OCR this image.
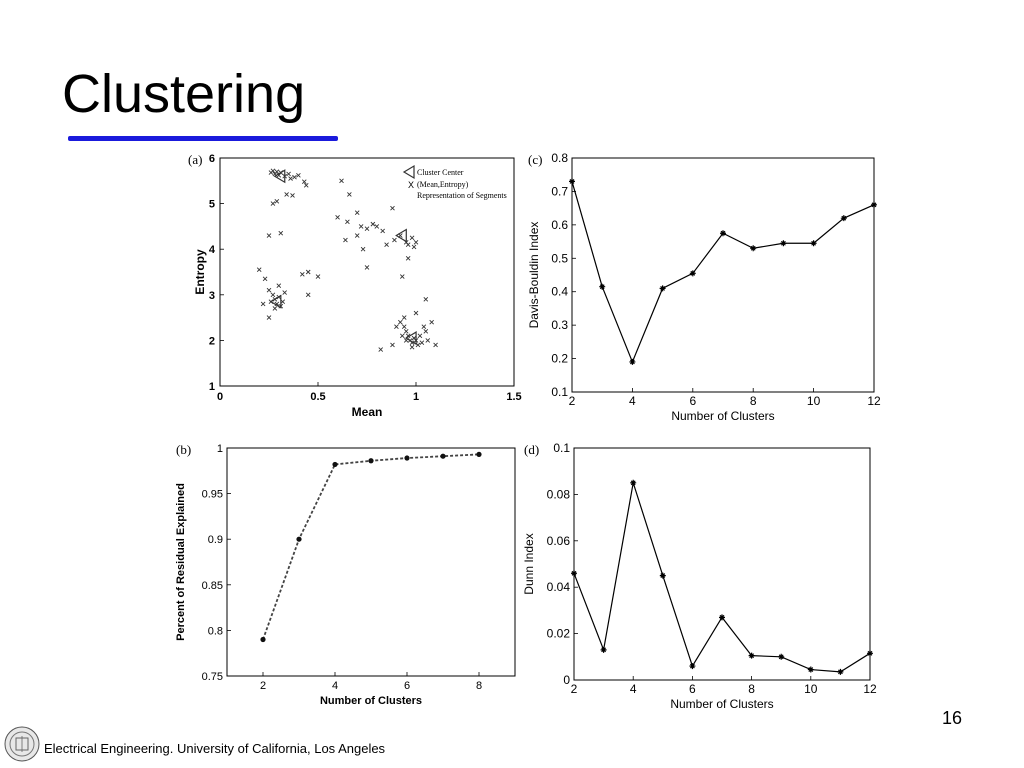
Clustering
1
2
3
4
5
6
0	0.5	1	1.5
Mean
Entropy
Cluster Center
X (Mean,Entropy)
Representation of Segments
(a)
0.75
0.8
0.85
0.9
0.95
1
2	4	6	8
Number of Clusters
Percent of Residual Explained
(b)
0.1
0.2
0.3
0.4
0.5
0.6
0.7
0.8
2	4	6	8	10	12
Number of Clusters
Davis-Bouldin Index
(c)
0
0.02
0.04
0.06
0.08
0.1
2	4	6	8	10	12
Number of Clusters
Dunn Index
(d)
16
Electrical Engineering. University of California, Los Angeles
